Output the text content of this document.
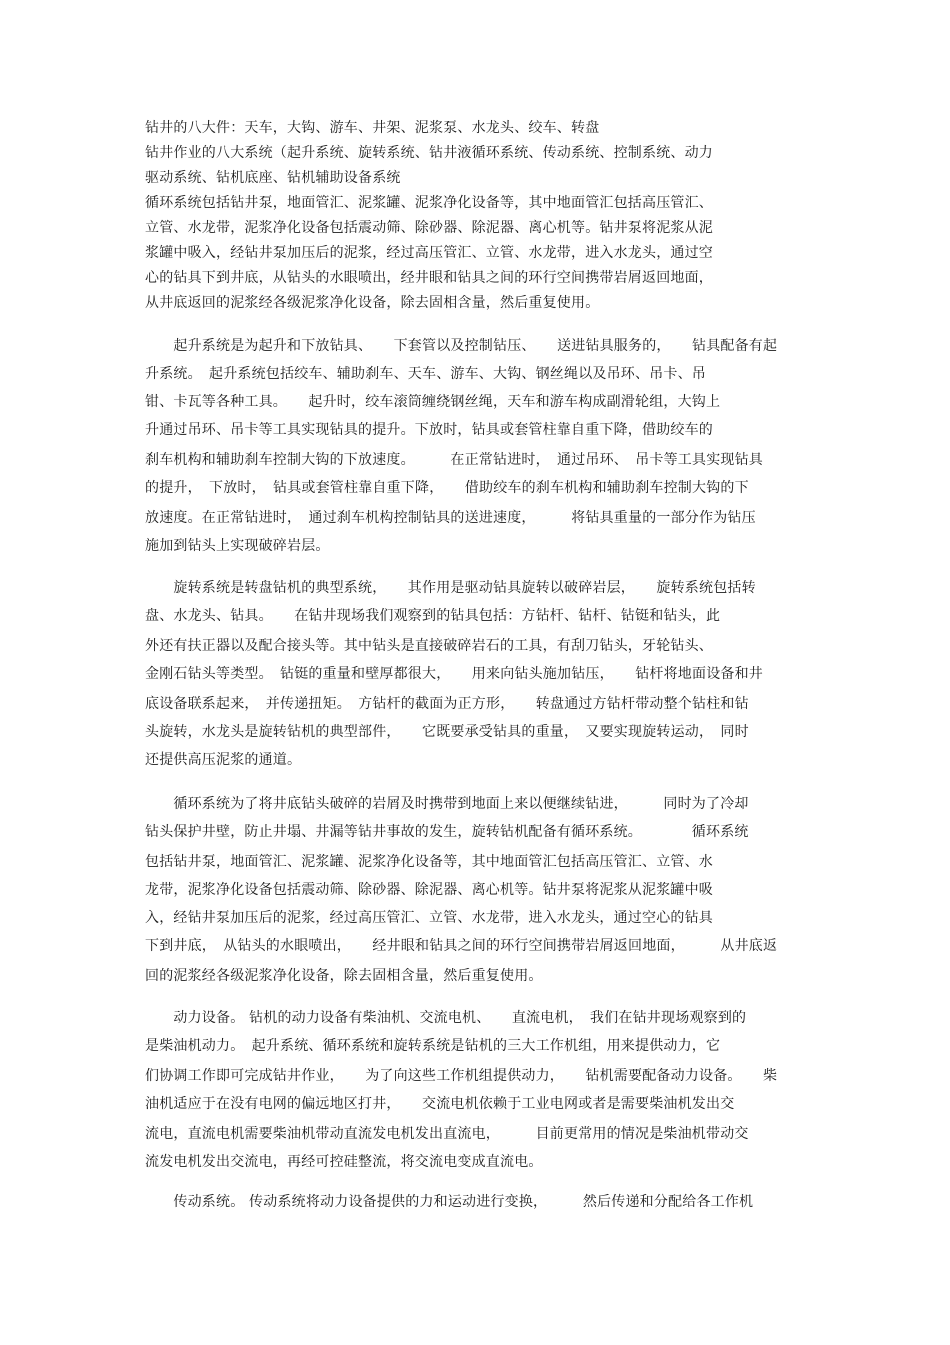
钻井的八大件：天车，大钩、游车、井架、泥浆泵、水龙头、绞车、转盘
钻井作业的八大系统（起升系统、旋转系统、钻井液循环系统、传动系统、控制系统、动力
驱动系统、钻机底座、钻机辅助设备系统
循环系统包括钻井泵，地面管汇、泥浆罐、泥浆净化设备等，其中地面管汇包括高压管汇、
立管、水龙带，泥浆净化设备包括震动筛、除砂器、除泥器、离心机等。钻井泵将泥浆从泥
浆罐中吸入，经钻井泵加压后的泥浆，经过高压管汇、立管、水龙带，进入水龙头，通过空
心的钻具下到井底，从钻头的水眼喷出，经井眼和钻具之间的环行空间携带岩屑返回地面，
从井底返回的泥浆经各级泥浆净化设备，除去固相含量，然后重复使用。
　　起升系统是为起升和下放钻具、　　下套管以及控制钻压、　　送进钻具服务的，　　钻具配备有起
升系统。　起升系统包括绞车、辅助刹车、天车、游车、大钩、钢丝绳以及吊环、吊卡、吊
钳、卡瓦等各种工具。　　起升时，绞车滚筒缠绕钢丝绳，天车和游车构成副滑轮组，大钩上
升通过吊环、吊卡等工具实现钻具的提升。下放时，钻具或套管柱靠自重下降，借助绞车的
刹车机构和辅助刹车控制大钩的下放速度。　　　在正常钻进时，　通过吊环、　吊卡等工具实现钻具
的提升，　下放时，　钻具或套管柱靠自重下降，　　借助绞车的刹车机构和辅助刹车控制大钩的下
放速度。在正常钻进时，　通过刹车机构控制钻具的送进速度，　　　将钻具重量的一部分作为钻压
施加到钻头上实现破碎岩层。
　　旋转系统是转盘钻机的典型系统，　　其作用是驱动钻具旋转以破碎岩层，　　旋转系统包括转
盘、水龙头、钻具。　　在钻井现场我们观察到的钻具包括：方钻杆、钻杆、钻铤和钻头，此
外还有扶正器以及配合接头等。其中钻头是直接破碎岩石的工具，有刮刀钻头，牙轮钻头、
金刚石钻头等类型。　钻铤的重量和壁厚都很大，　　用来向钻头施加钻压，　　钻杆将地面设备和井
底设备联系起来，　并传递扭矩。　方钻杆的截面为正方形，　　转盘通过方钻杆带动整个钻柱和钻
头旋转，水龙头是旋转钻机的典型部件，　　它既要承受钻具的重量，　又要实现旋转运动，　同时
还提供高压泥浆的通道。
　　循环系统为了将井底钻头破碎的岩屑及时携带到地面上来以便继续钻进，　　　同时为了冷却
钻头保护井壁，防止井塌、井漏等钻井事故的发生，旋转钻机配备有循环系统。　　　　循环系统
包括钻井泵，地面管汇、泥浆罐、泥浆净化设备等，其中地面管汇包括高压管汇、立管、水
龙带，泥浆净化设备包括震动筛、除砂器、除泥器、离心机等。钻井泵将泥浆从泥浆罐中吸
入，经钻井泵加压后的泥浆，经过高压管汇、立管、水龙带，进入水龙头，通过空心的钻具
下到井底，　从钻头的水眼喷出，　　经井眼和钻具之间的环行空间携带岩屑返回地面，　　　从井底返
回的泥浆经各级泥浆净化设备，除去固相含量，然后重复使用。
　　动力设备。 钻机的动力设备有柴油机、交流电机、　　直流电机，　我们在钻井现场观察到的
是柴油机动力。　起升系统、循环系统和旋转系统是钻机的三大工作机组，用来提供动力，它
们协调工作即可完成钻井作业，　　为了向这些工作机组提供动力，　　钻机需要配备动力设备。　　柴
油机适应于在没有电网的偏远地区打井，　　交流电机依赖于工业电网或者是需要柴油机发出交
流电，直流电机需要柴油机带动直流发电机发出直流电，　　　目前更常用的情况是柴油机带动交
流发电机发出交流电，再经可控硅整流，将交流电变成直流电。
　　传动系统。 传动系统将动力设备提供的力和运动进行变换，　　　然后传递和分配给各工作机
